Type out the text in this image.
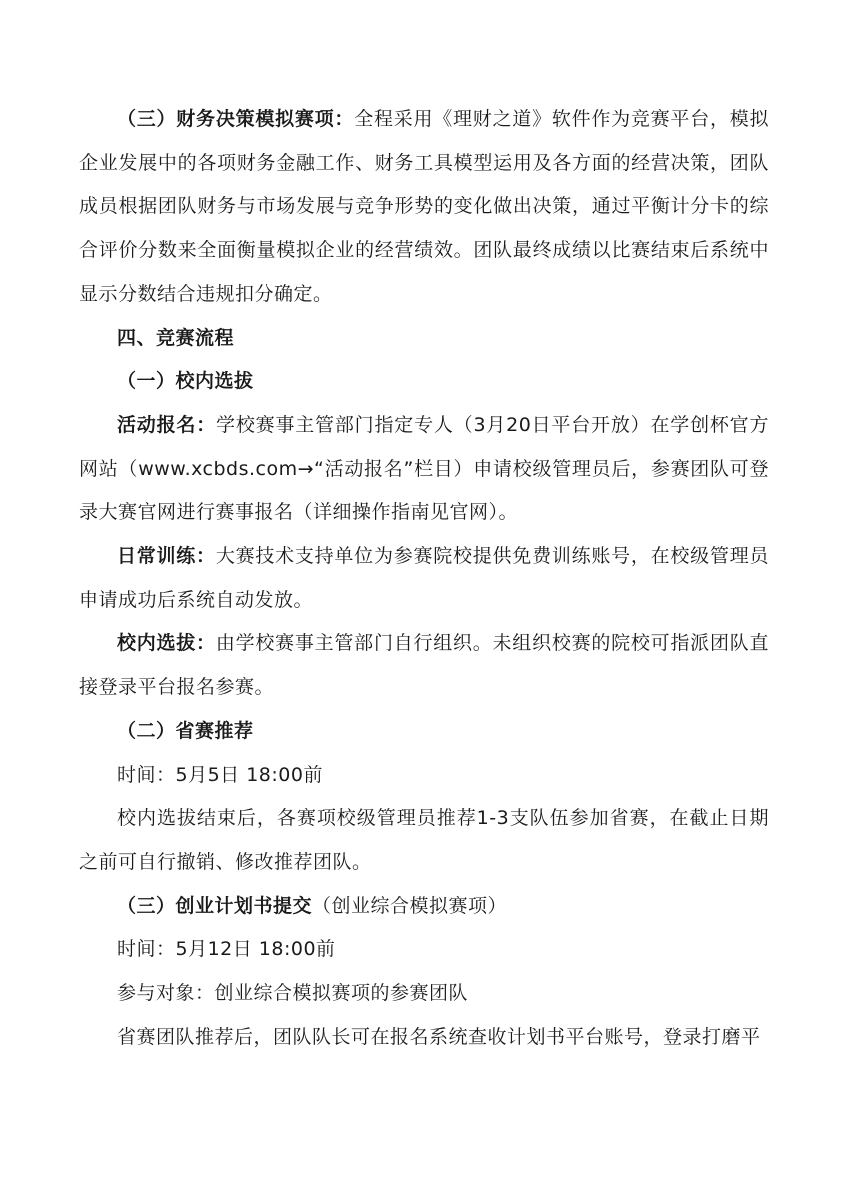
（三）财务决策模拟赛项：全程采用《理财之道》软件作为竞赛平台，模拟企业发展中的各项财务金融工作、财务工具模型运用及各方面的经营决策，团队成员根据团队财务与市场发展与竞争形势的变化做出决策，通过平衡计分卡的综合评价分数来全面衡量模拟企业的经营绩效。团队最终成绩以比赛结束后系统中显示分数结合违规扣分确定。

四、竞赛流程

（一）校内选拔

活动报名：学校赛事主管部门指定专人（3月20日平台开放）在学创杯官方网站（www.xcbds.com→“活动报名”栏目）申请校级管理员后，参赛团队可登录大赛官网进行赛事报名（详细操作指南见官网）。

日常训练：大赛技术支持单位为参赛院校提供免费训练账号，在校级管理员申请成功后系统自动发放。

校内选拔：由学校赛事主管部门自行组织。未组织校赛的院校可指派团队直接登录平台报名参赛。

（二）省赛推荐

时间：5月5日 18:00前

校内选拔结束后，各赛项校级管理员推荐1-3支队伍参加省赛，在截止日期之前可自行撤销、修改推荐团队。

（三）创业计划书提交（创业综合模拟赛项）

时间：5月12日 18:00前

参与对象：创业综合模拟赛项的参赛团队

省赛团队推荐后，团队队长可在报名系统查收计划书平台账号，登录打磨平
